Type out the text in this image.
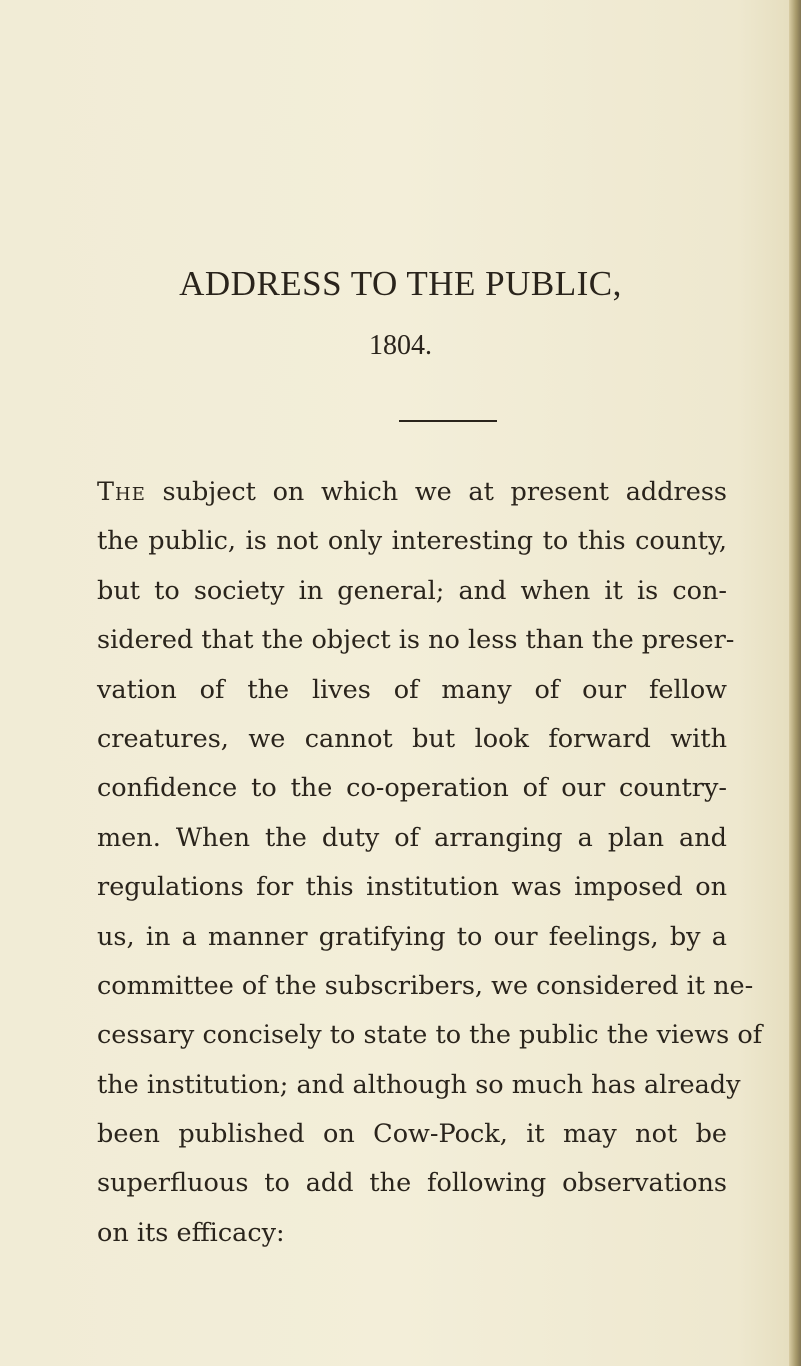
ADDRESS TO THE PUBLIC,
1804.
The subject on which we at present address
the public, is not only interesting to this county,
but to society in general; and when it is con-
sidered that the object is no less than the preser-
vation of the lives of many of our fellow
creatures, we cannot but look forward with
confidence to the co-operation of our country-
men. When the duty of arranging a plan and
regulations for this institution was imposed on
us, in a manner gratifying to our feelings, by a
committee of the subscribers, we considered it ne-
cessary concisely to state to the public the views of
the institution; and although so much has already
been published on Cow-Pock, it may not be
superfluous to add the following observations
on its efficacy:
